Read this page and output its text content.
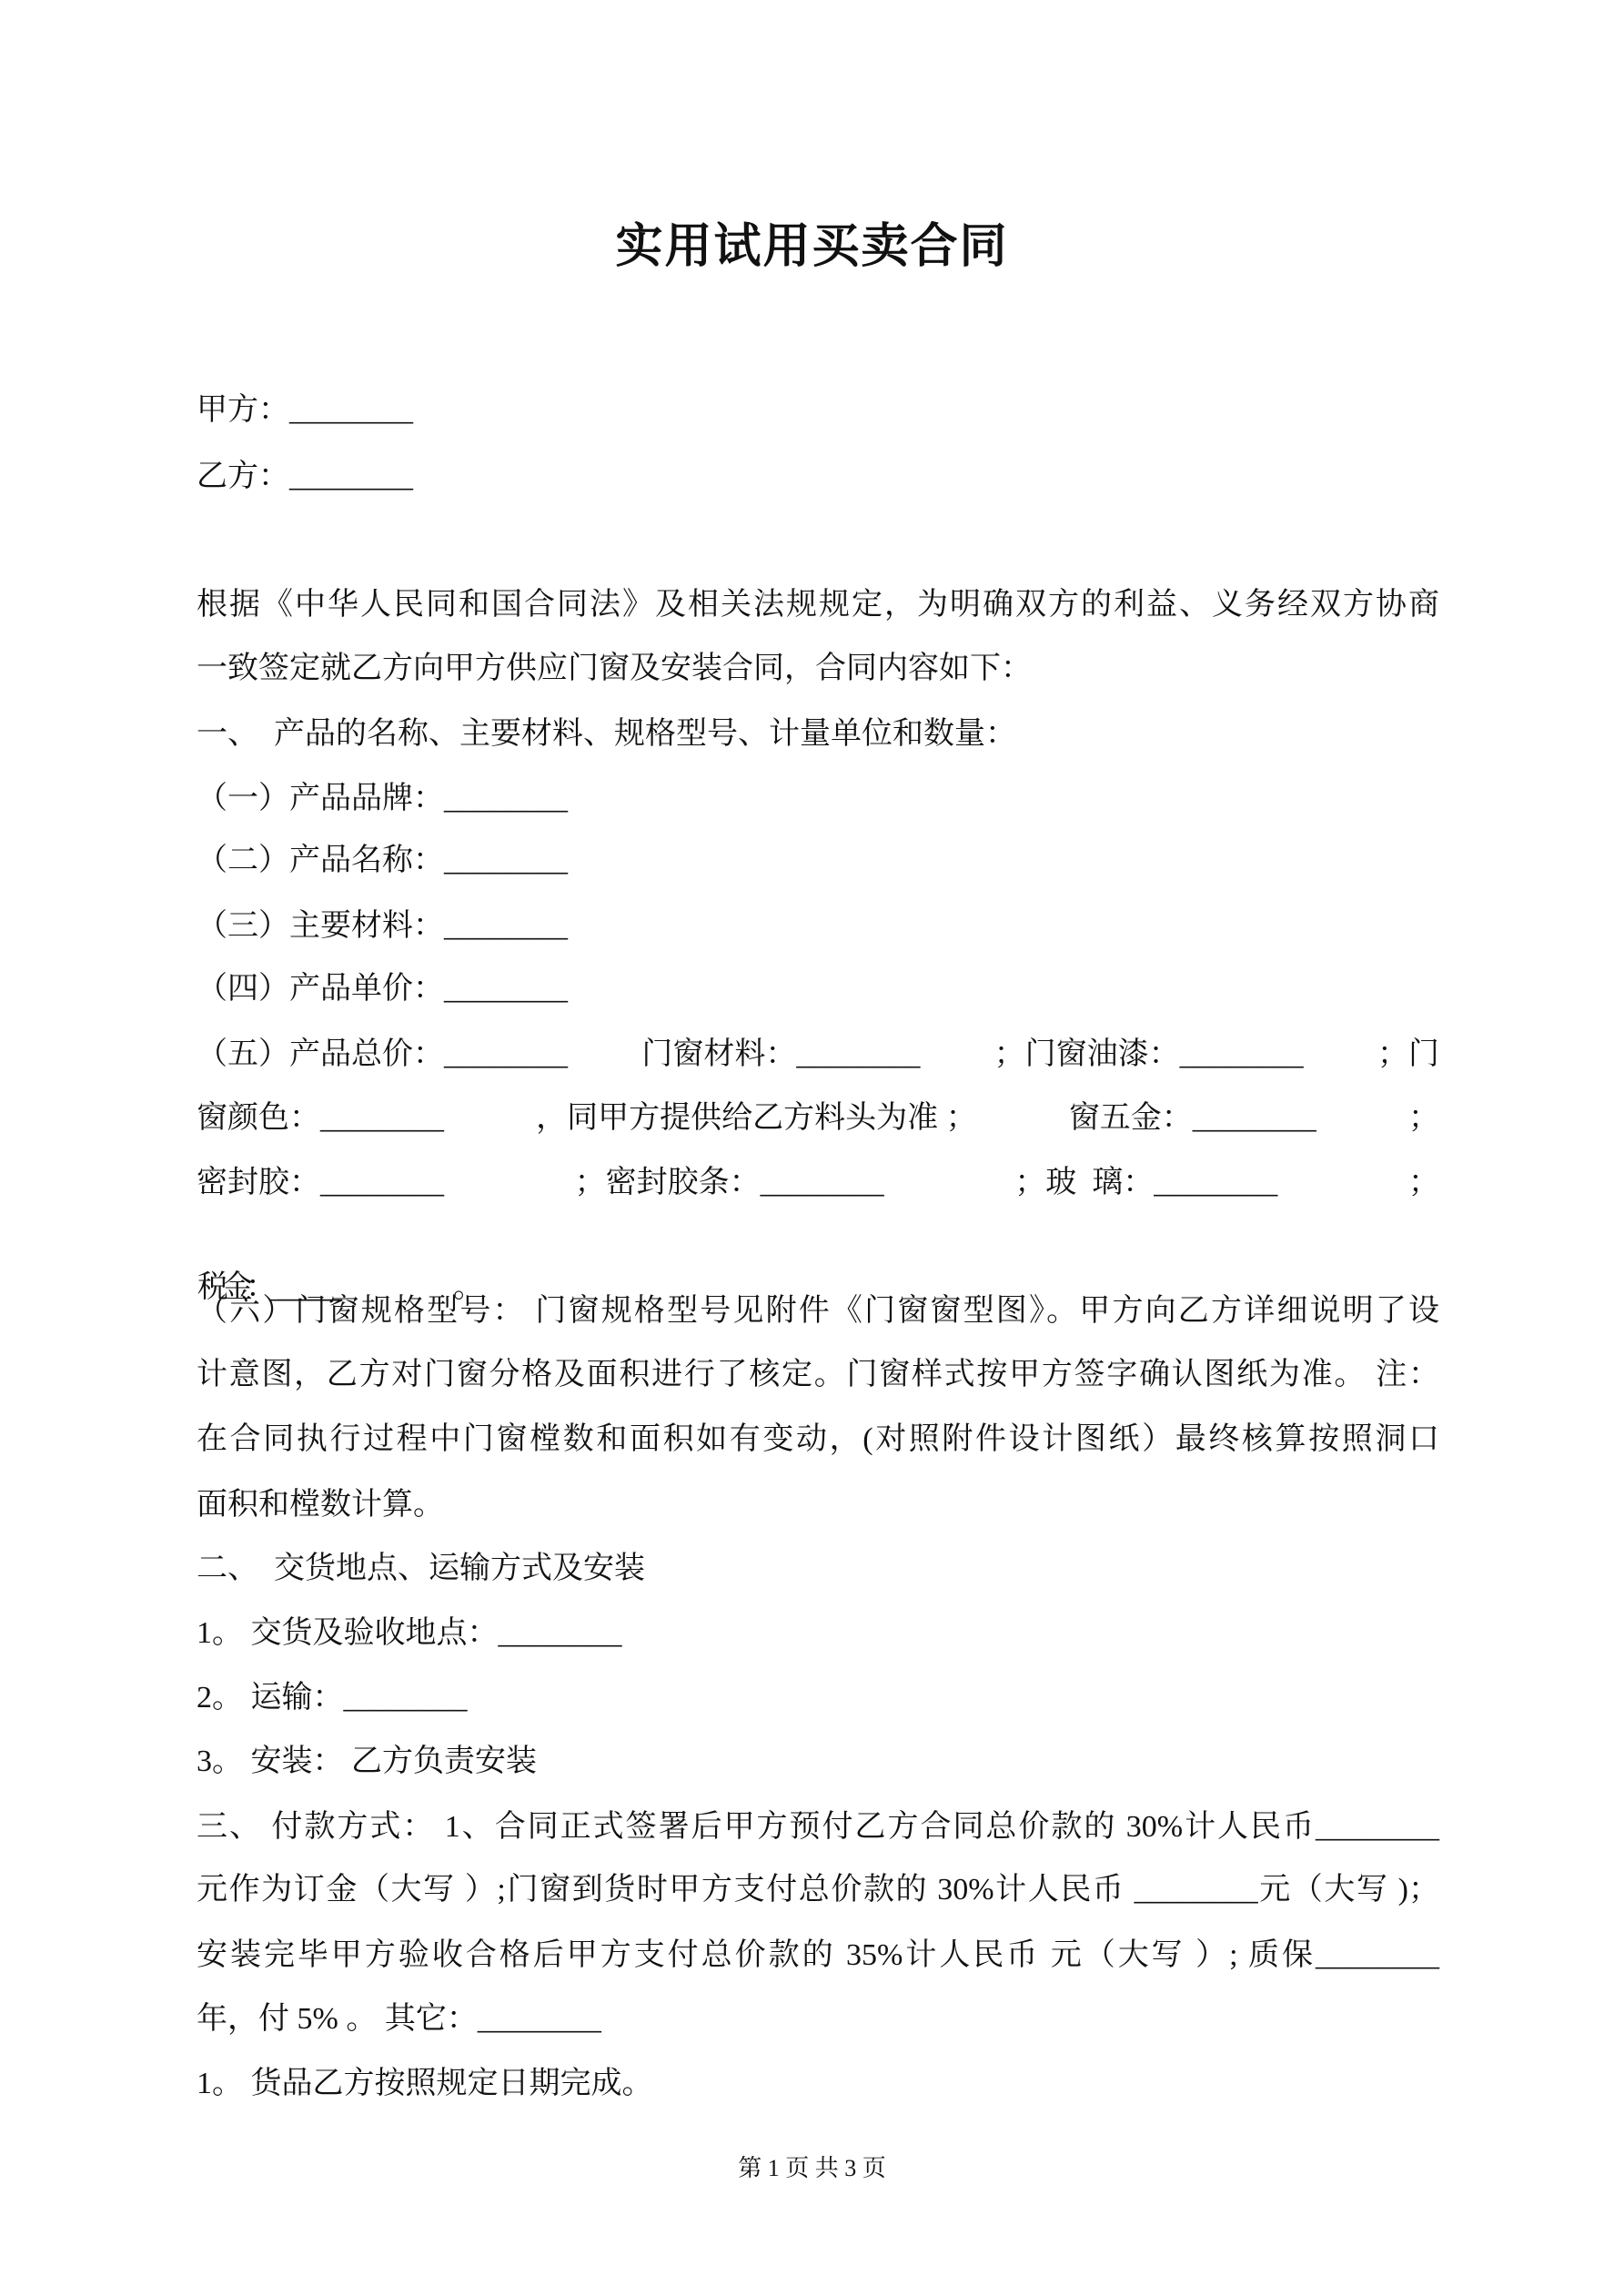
实用试用买卖合同
甲方：________
乙方：________
根据《中华人民同和国合同法》及相关法规规定，为明确双方的利益、义务经双方协商
一致签定就乙方向甲方供应门窗及安装合同，合同内容如下：
一、  产品的名称、主要材料、规格型号、计量单位和数量：
（一）产品品牌：________
（二）产品名称：________
（三）主要材料：________
（四）产品单价：________
（五）产品总价：________ 门窗材料：________ ；门窗油漆：________ ；门
窗颜色：________	，同甲方提供给乙方料头为准 ；	窗五金：________	；
密封胶：________	；密封胶条：________	；玻  璃：________	；

税  金：________	。

（六）门窗规格型号： 门窗规格型号见附件《门窗窗型图》。甲方向乙方详细说明了设
计意图，乙方对门窗分格及面积进行了核定。门窗样式按甲方签字确认图纸为准。 注：
在合同执行过程中门窗樘数和面积如有变动，(对照附件设计图纸）最终核算按照洞口
面积和樘数计算。
二、  交货地点、运输方式及安装
1。 交货及验收地点：________
2。 运输：________
3。 安装： 乙方负责安装
三、 付款方式： 1、合同正式签署后甲方预付乙方合同总价款的 30%计人民币________
元作为订金（大写 ）;门窗到货时甲方支付总价款的 30%计人民币 ________元（大写 )；
安装完毕甲方验收合格后甲方支付总价款的 35%计人民币 元（大写 ）; 质保________
年，付 5% 。 其它：________
1。 货品乙方按照规定日期完成。
第 1 页 共 3 页
